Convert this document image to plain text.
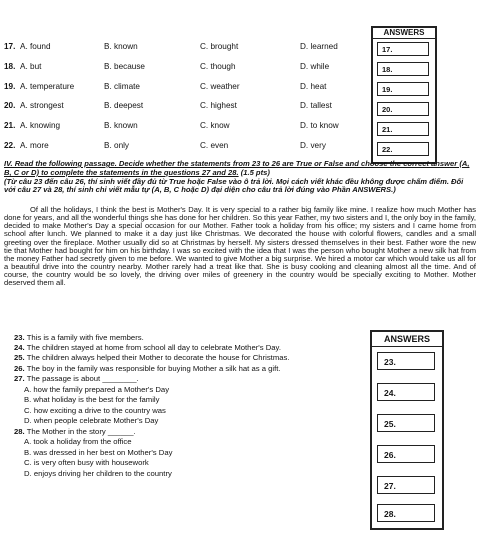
17. A. found	B. known	C. brought	D. learned
18. A. but	B. because	C. though	D. while
19. A. temperature	B. climate	C. weather	D. heat
20. A. strongest	B. deepest	C. highest	D. tallest
21. A. knowing	B. known	C. know	D. to know
22. A. more	B. only	C. even	D. very
ANSWERS
17.
18.
19.
20.
21.
22.
IV. Read the following passage. Decide whether the statements from 23 to 26 are True or False and choose the correct answer (A, B, C or D) to complete the statements in the questions 27 and 28. (1.5 pts)
(Từ câu 23 đến câu 26, thí sinh viết đầy đủ từ True hoặc False vào ô trả lời. Mọi cách viết khác đều không được chấm điểm. Đối với câu 27 và 28, thí sinh chỉ viết mẫu tự (A, B, C hoặc D) đại diện cho câu trả lời đúng vào Phần ANSWERS.)
Of all the holidays, I think the best is Mother's Day. It is very special to a rather big family like mine. I realize how much Mother has done for years, and all the wonderful things she has done for her children. So this year Father, my two sisters and I, the only boy in the family, decided to make Mother's Day a special occasion for our Mother. Father took a holiday from his office; my sisters and I came home from school after lunch. We planned to make it a day just like Christmas. We decorated the house with colorful flowers, candles and a small greeting over the fireplace. Mother usually did so at Christmas by herself. My sisters dressed themselves in their best. Father wore the new tie that Mother had bought for him on his birthday. I was so excited with the idea that I was the person who bought Mother a new silk hat from the money Father had secretly given to me before. We wanted to give Mother a big surprise. We hired a motor car which would take us all for a beautiful drive into the country nearby. Mother rarely had a treat like that. She is busy cooking and cleaning almost all the time. And of course, the country would be so lovely, the driving over miles of greenery in the country would be specially exciting to Mother. Mother deserved them all.
23. This is a family with five members.
24. The children stayed at home from school all day to celebrate Mother's Day.
25. The children always helped their Mother to decorate the house for Christmas.
26. The boy in the family was responsible for buying Mother a silk hat as a gift.
27. The passage is about ________.
A. how the family prepared a Mother's Day
B. what holiday is the best for the family
C. how exciting a drive to the country was
D. when people celebrate Mother's Day
28. The Mother in the story ______.
A. took a holiday from the office
B. was dressed in her best on Mother's Day
C. is very often busy with housework
D. enjoys driving her children to the country
ANSWERS
23.
24.
25.
26.
27.
28.
